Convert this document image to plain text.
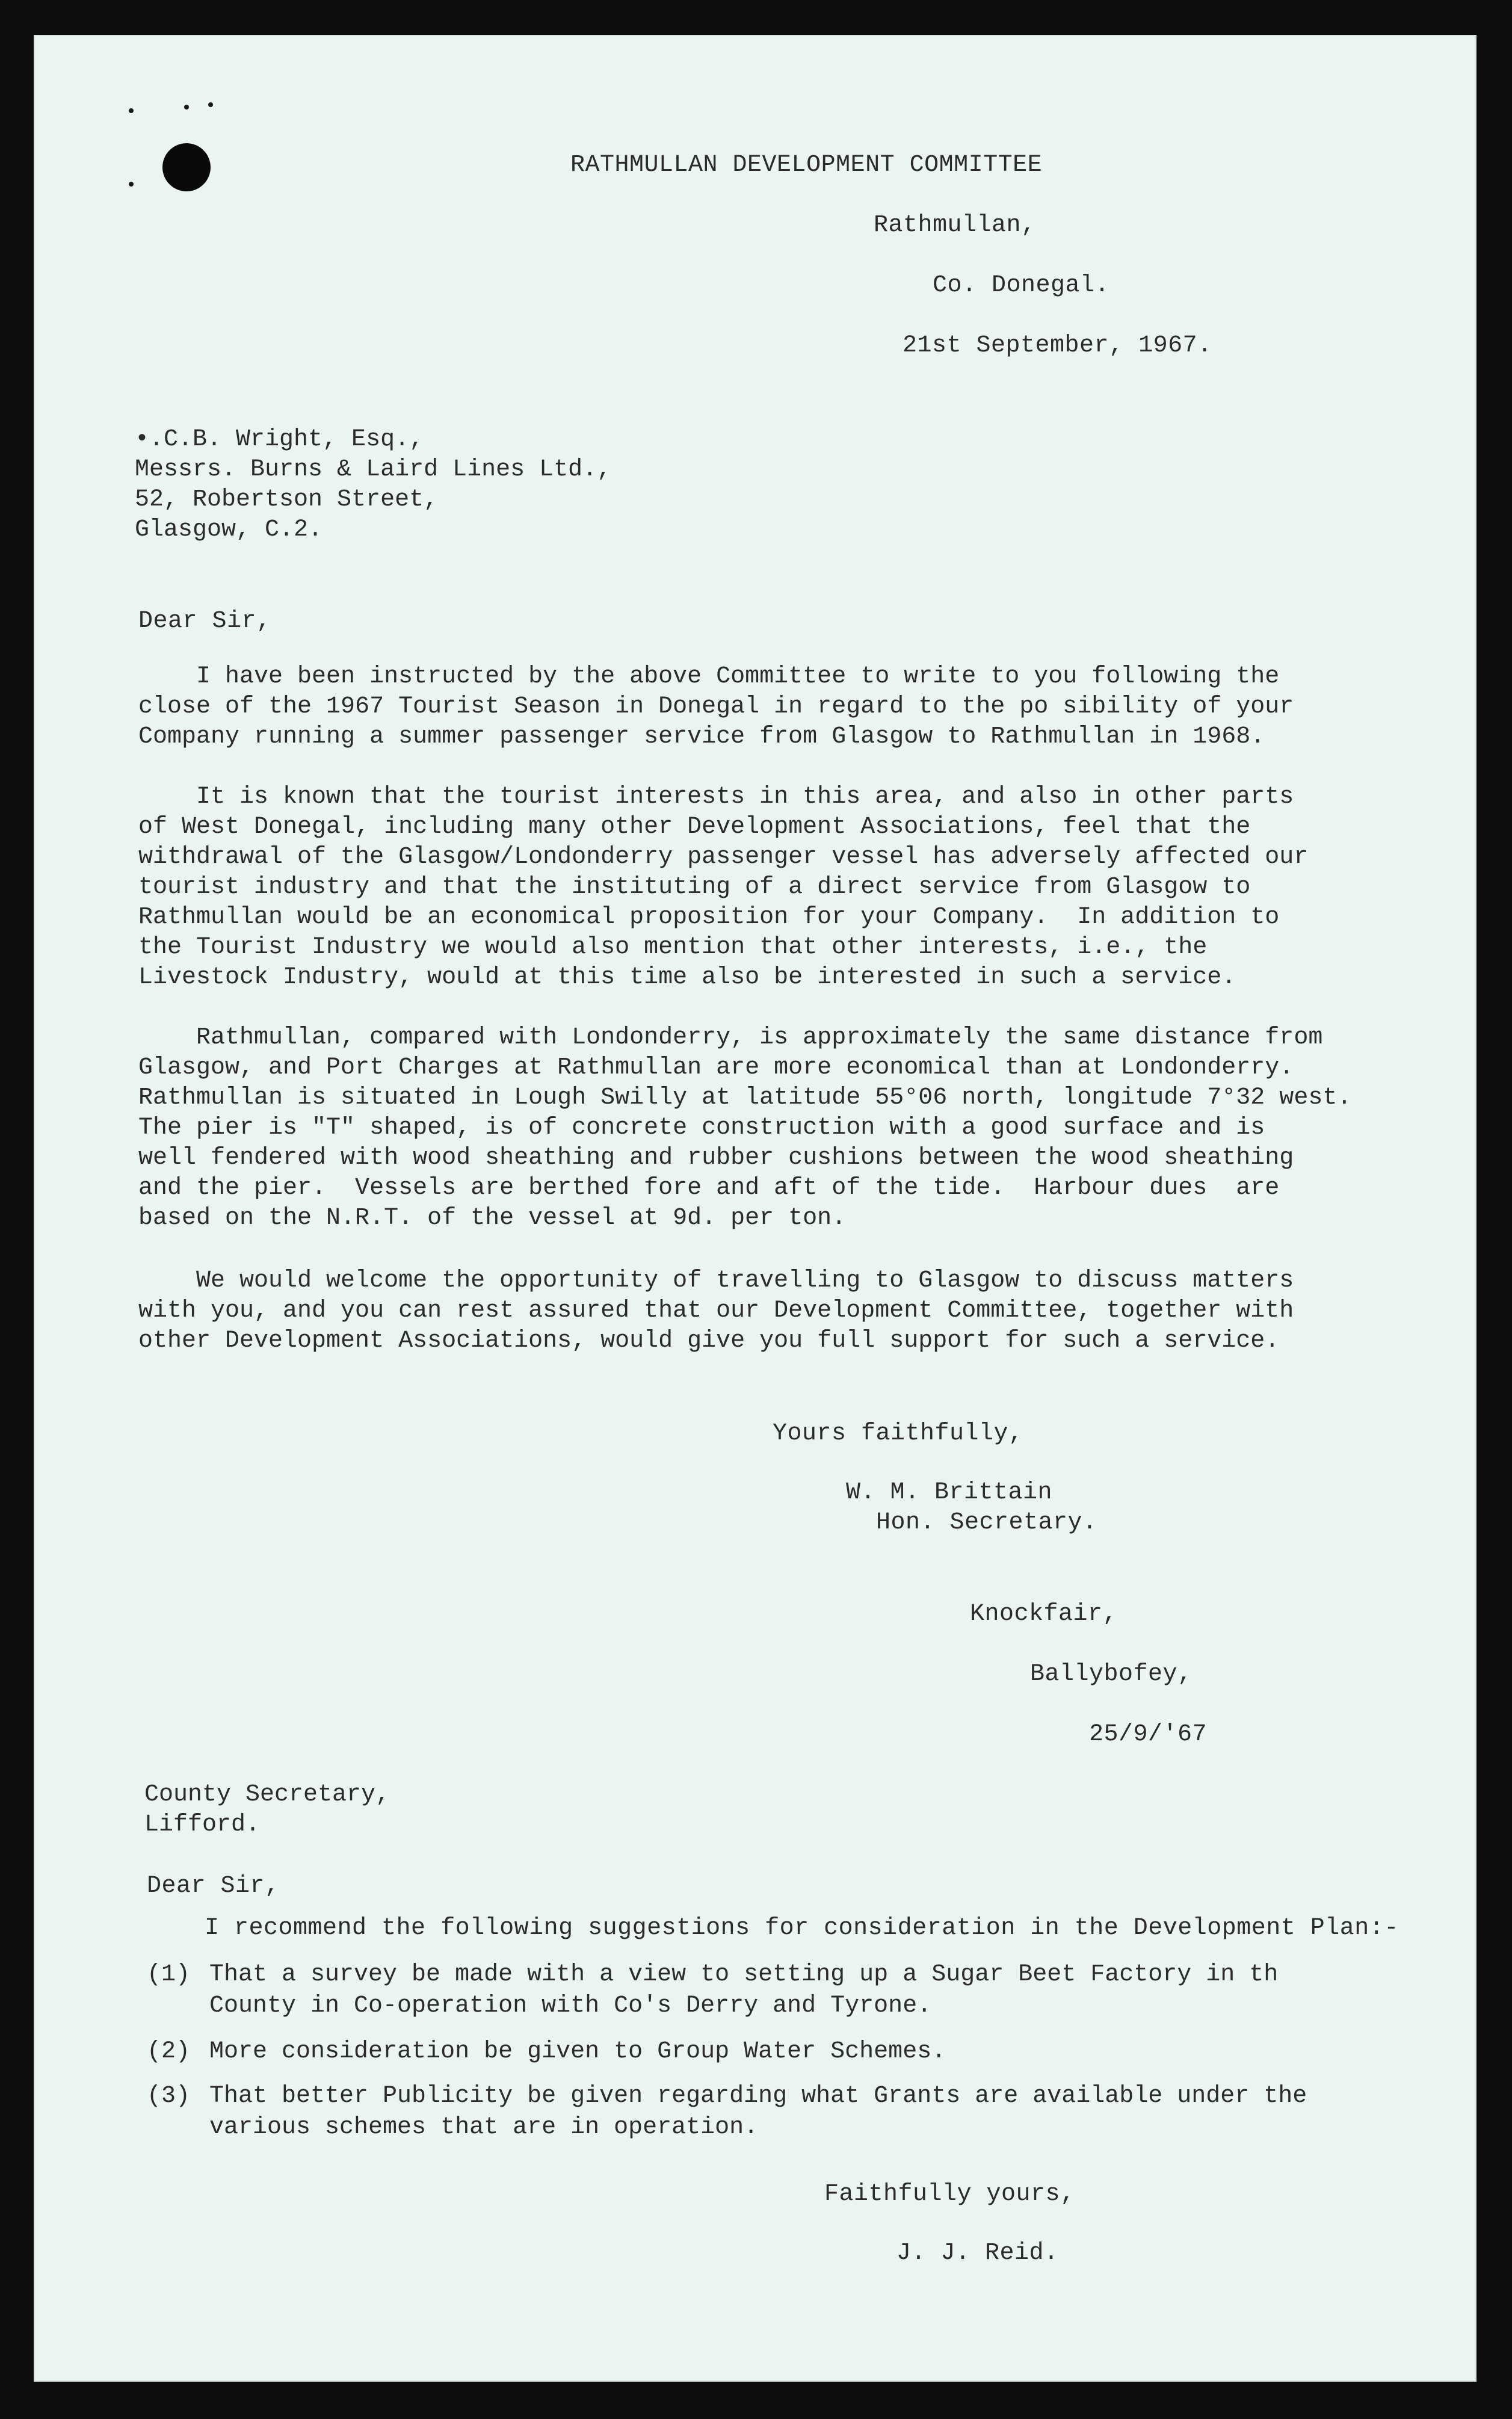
RATHMULLAN DEVELOPMENT COMMITTEE

Rathmullan,

Co. Donegal.

21st September, 1967.

•.C.B. Wright, Esq.,
Messrs. Burns & Laird Lines Ltd.,
52, Robertson Street,
Glasgow, C.2.

Dear Sir,

I have been instructed by the above Committee to write to you following the
close of the 1967 Tourist Season in Donegal in regard to the po sibility of your
Company running a summer passenger service from Glasgow to Rathmullan in 1968.
It is known that the tourist interests in this area, and also in other parts
of West Donegal, including many other Development Associations, feel that the
withdrawal of the Glasgow/Londonderry passenger vessel has adversely affected our
tourist industry and that the instituting of a direct service from Glasgow to
Rathmullan would be an economical proposition for your Company.  In addition to
the Tourist Industry we would also mention that other interests, i.e., the
Livestock Industry, would at this time also be interested in such a service.
Rathmullan, compared with Londonderry, is approximately the same distance from
Glasgow, and Port Charges at Rathmullan are more economical than at Londonderry.
Rathmullan is situated in Lough Swilly at latitude 55°06 north, longitude 7°32 west.
The pier is "T" shaped, is of concrete construction with a good surface and is
well fendered with wood sheathing and rubber cushions between the wood sheathing
and the pier.  Vessels are berthed fore and aft of the tide.  Harbour dues  are
based on the N.R.T. of the vessel at 9d. per ton.
We would welcome the opportunity of travelling to Glasgow to discuss matters
with you, and you can rest assured that our Development Committee, together with
other Development Associations, would give you full support for such a service.

Yours faithfully,

W. M. Brittain

Hon. Secretary.

Knockfair,

Ballybofey,

25/9/'67

County Secretary,
Lifford.

Dear Sir,

I recommend the following suggestions for consideration in the Development Plan:-

(1) That a survey be made with a view to setting up a Sugar Beet Factory in th
County in Co-operation with Co's Derry and Tyrone.
(2) More consideration be given to Group Water Schemes.
(3) That better Publicity be given regarding what Grants are available under the
various schemes that are in operation.

Faithfully yours,

J. J. Reid.
